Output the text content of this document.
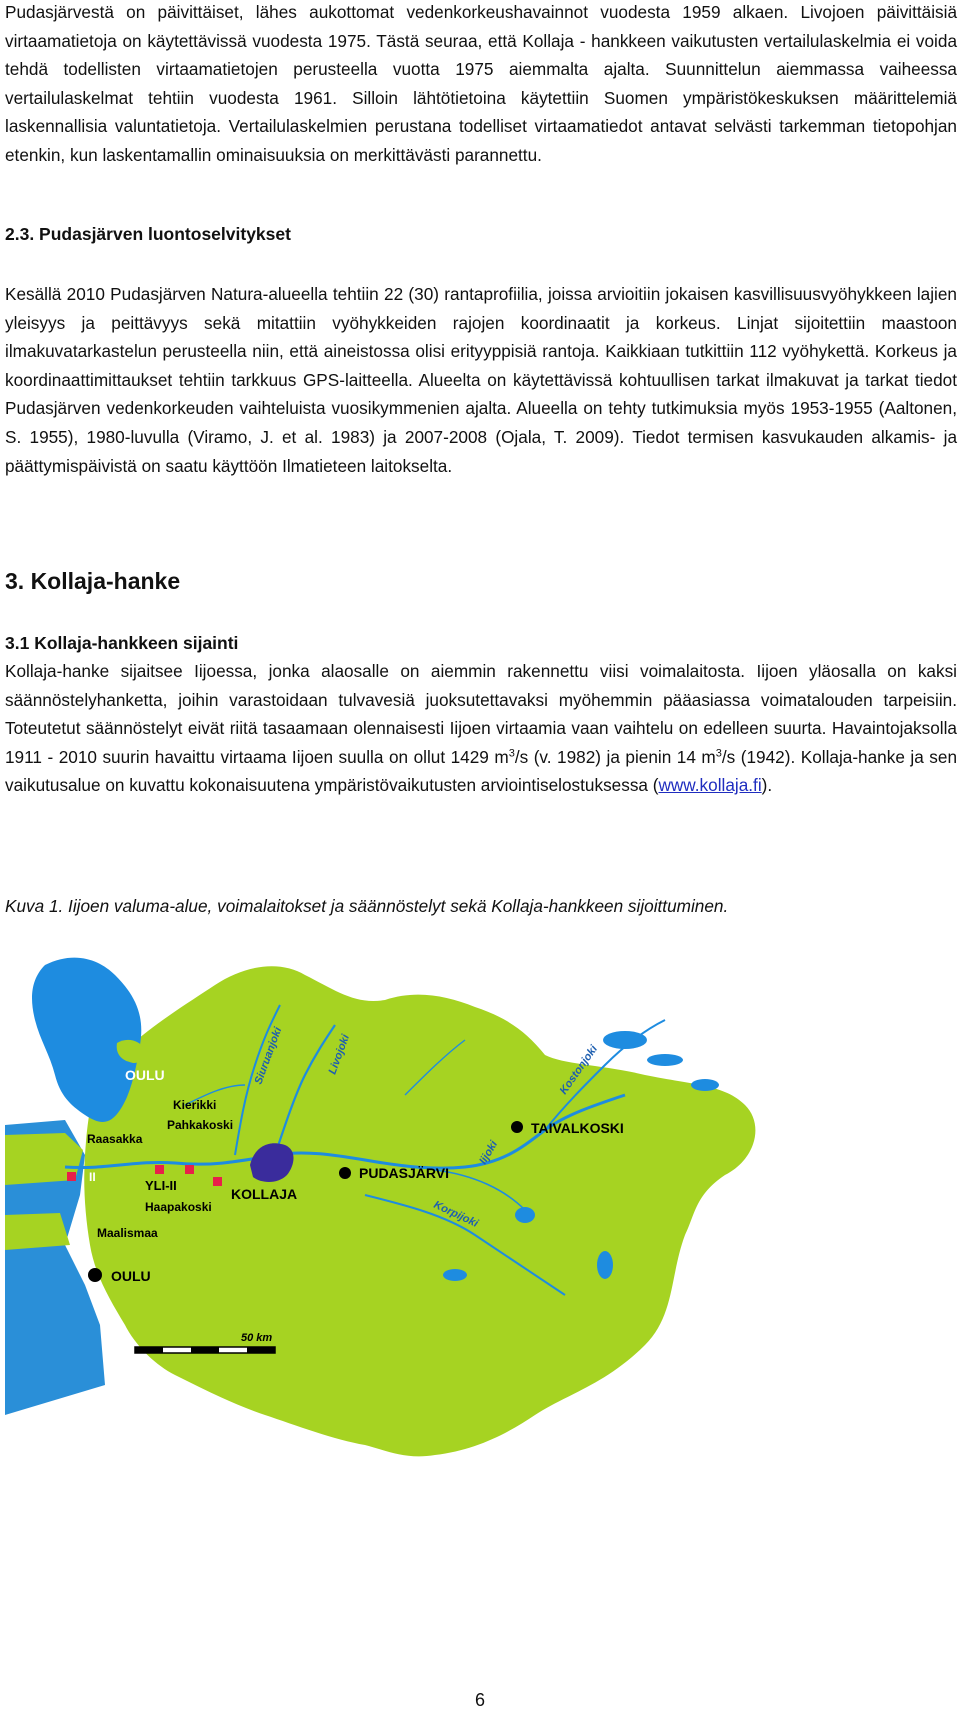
Pudasjärvestä on päivittäiset, lähes aukottomat vedenkorkeushavainnot vuodesta 1959 alkaen. Livojoen päivittäisiä virtaamatietoja on käytettävissä vuodesta 1975. Tästä seuraa, että Kollaja - hankkeen vaikutusten vertailulaskelmia ei voida tehdä todellisten virtaamatietojen perusteella vuotta 1975 aiemmalta ajalta. Suunnittelun aiemmassa vaiheessa vertailulaskelmat tehtiin vuodesta 1961. Silloin lähtötietoina käytettiin Suomen ympäristökeskuksen määrittelemiä laskennallisia valuntatietoja. Vertailulaskelmien perustana todelliset virtaamatiedot antavat selvästi tarkemman tietopohjan etenkin, kun laskentamallin ominaisuuksia on merkittävästi parannettu.

2.3. Pudasjärven luontoselvitykset

Kesällä 2010 Pudasjärven Natura-alueella tehtiin 22 (30) rantaprofiilia, joissa arvioitiin jokaisen kasvillisuusvyöhykkeen lajien yleisyys ja peittävyys sekä mitattiin vyöhykkeiden rajojen koordinaatit ja korkeus. Linjat sijoitettiin maastoon ilmakuvatarkastelun perusteella niin, että aineistossa olisi erityyppisiä rantoja. Kaikkiaan tutkittiin 112 vyöhykettä. Korkeus ja koordinaattimittaukset tehtiin tarkkuus GPS-laitteella. Alueelta on käytettävissä kohtuullisen tarkat ilmakuvat ja tarkat tiedot Pudasjärven vedenkorkeuden vaihteluista vuosikymmenien ajalta. Alueella on tehty tutkimuksia myös 1953-1955 (Aaltonen, S. 1955), 1980-luvulla (Viramo, J. et al. 1983) ja 2007-2008 (Ojala, T. 2009). Tiedot termisen kasvukauden alkamis- ja päättymispäivistä on saatu käyttöön Ilmatieteen laitokselta.

3. Kollaja-hanke
3.1 Kollaja-hankkeen sijainti

Kollaja-hanke sijaitsee Iijoessa, jonka alaosalle on aiemmin rakennettu viisi voimalaitosta. Iijoen yläosalla on kaksi säännöstelyhanketta, joihin varastoidaan tulvavesiä juoksutettavaksi myöhemmin pääasiassa voimatalouden tarpeisiin. Toteutetut säännöstelyt eivät riitä tasaamaan olennaisesti Iijoen virtaamia vaan vaihtelu on edelleen suurta. Havaintojaksolla 1911 - 2010 suurin havaittu virtaama Iijoen suulla on ollut 1429 $m^3/s$ (v. 1982) ja pienin 14 $m^3/s$ (1942). Kollaja-hanke ja sen vaikutusalue on kuvattu kokonaisuutena ympäristövaikutusten arviointiselostuksessa (www.kollaja.fi).

Kuva 1. Iijoen valuma-alue, voimalaitokset ja säännöstelyt sekä Kollaja-hankkeen sijoittuminen.

OULU
TAIVALKOSKI
PUDASJÄRVI
KOLLAJA
Kierikki
Pahkakoski
Raasakka
II
YLI-II
Haapakoski
Maalismaa
OULU
Siuruanjoki	Livojoki	Kostonjoki
Iijoki
Korpijoki
50 km
6
